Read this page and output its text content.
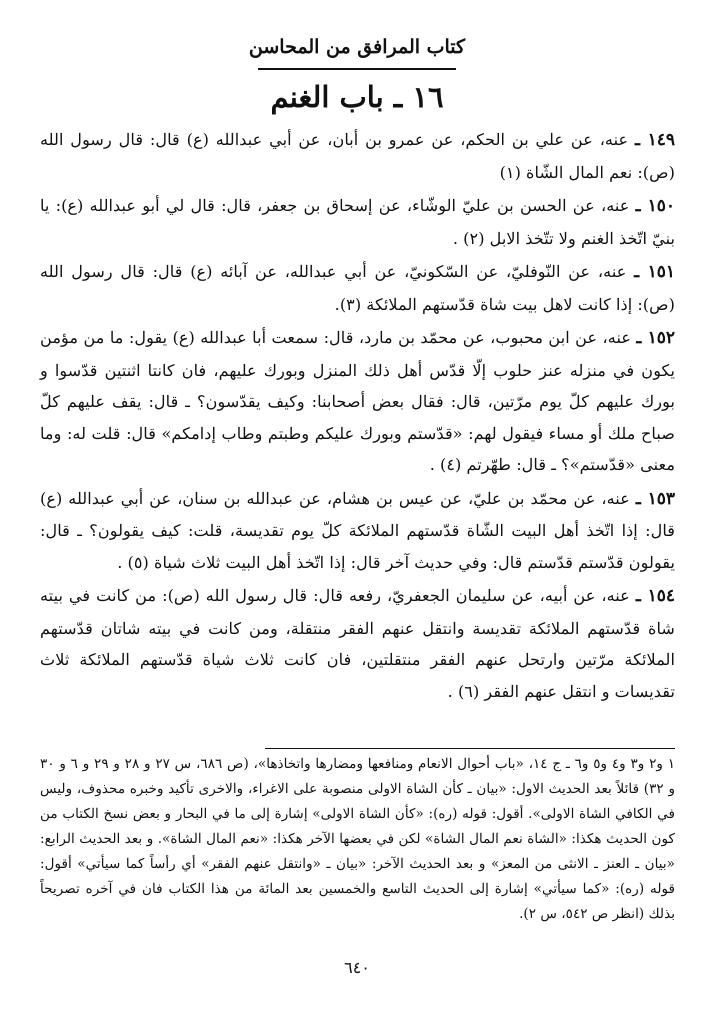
كتاب المرافق من المحاسن
١٦ ـ باب الغنم

١٤٩ ـ عنه، عن علي بن الحكم، عن عمرو بن أبان، عن أبي عبدالله (ع) قال: قال رسول الله (ص): نعم المال الشّاة (١)

١٥٠ ـ عنه، عن الحسن بن عليّ الوشّاء، عن إسحاق بن جعفر، قال: قال لي أبو عبدالله (ع): يا بنيّ اتّخذ الغنم ولا تتّخذ الابل (٢) .

١٥١ ـ عنه، عن النّوفليّ، عن السّكونيّ، عن أبي عبدالله، عن آبائه (ع) قال: قال رسول الله (ص): إذا كانت لاهل بيت شاة قدّستهم الملائكة (٣).

١٥٢ ـ عنه، عن ابن محبوب، عن محمّد بن مارد، قال: سمعت أبا عبدالله (ع) يقول: ما من مؤمن يكون في منزله عنز حلوب إلّا قدّس أهل ذلك المنزل وبورك عليهم، فان كانتا اثنتين قدّسوا و بورك عليهم كلّ يوم مرّتين، قال: فقال بعض أصحابنا: وكيف يقدّسون؟ ـ قال: يقف عليهم كلّ صباح ملك أو مساء فيقول لهم: «قدّستم وبورك عليكم وطبتم وطاب إدامكم» قال: قلت له: وما معنى «قدّستم»؟ ـ قال: طهّرتم (٤) .

١٥٣ ـ عنه، عن محمّد بن عليّ، عن عيس بن هشام، عن عبدالله بن سنان، عن أبي عبدالله (ع) قال: إذا اتّخذ أهل البيت الشّاة قدّستهم الملائكة كلّ يوم تقديسة، قلت: كيف يقولون؟ ـ قال: يقولون قدّستم قدّستم قال: وفي حديث آخر قال: إذا اتّخذ أهل البيت ثلاث شياة (٥) .

١٥٤ ـ عنه، عن أبيه، عن سليمان الجعفريّ، رفعه قال: قال رسول الله (ص): من كانت في بيته شاة قدّستهم الملائكة تقديسة وانتقل عنهم الفقر منتقلة، ومن كانت في بيته شاتان قدّستهم الملائكة مرّتين وارتحل عنهم الفقر منتقلتين، فان كانت ثلاث شياة قدّستهم الملائكة ثلاث تقديسات و انتقل عنهم الفقر (٦) .

١ و٢ و٣ و٤ و٥ و٦ ـ ج ١٤، «باب أحوال الانعام ومنافعها ومضارها واتخاذها»، (ص ٦٨٦، س ٢٧ و ٢٨ و ٢٩ و ٦ و ٣٠ و ٣٢) قائلاً بعد الحديث الاول: «بيان ـ كأن الشاة الاولى منصوبة على الاغراء، والاخرى تأكيد وخبره محذوف، وليس في الكافي الشاة الاولى». أقول: قوله (ره): «كأن الشاة الاولى» إشارة إلى ما في البحار و بعض نسخ الكتاب من كون الحديث هكذا: «الشاة نعم المال الشاة» لكن في بعضها الآخر هكذا: «نعم المال الشاة». و بعد الحديث الرابع: «بيان ـ العنز ـ الانثى من المعز» و بعد الحديث الآخر: «بيان ـ «وانتقل عنهم الفقر» أي رأساً كما سيأتي» أقول: قوله (ره): «كما سيأتي» إشارة إلى الحديث التاسع والخمسين بعد المائة من هذا الكتاب فان في آخره تصريحاً بذلك (انظر ص ٥٤٢، س ٢).

٦٤٠
